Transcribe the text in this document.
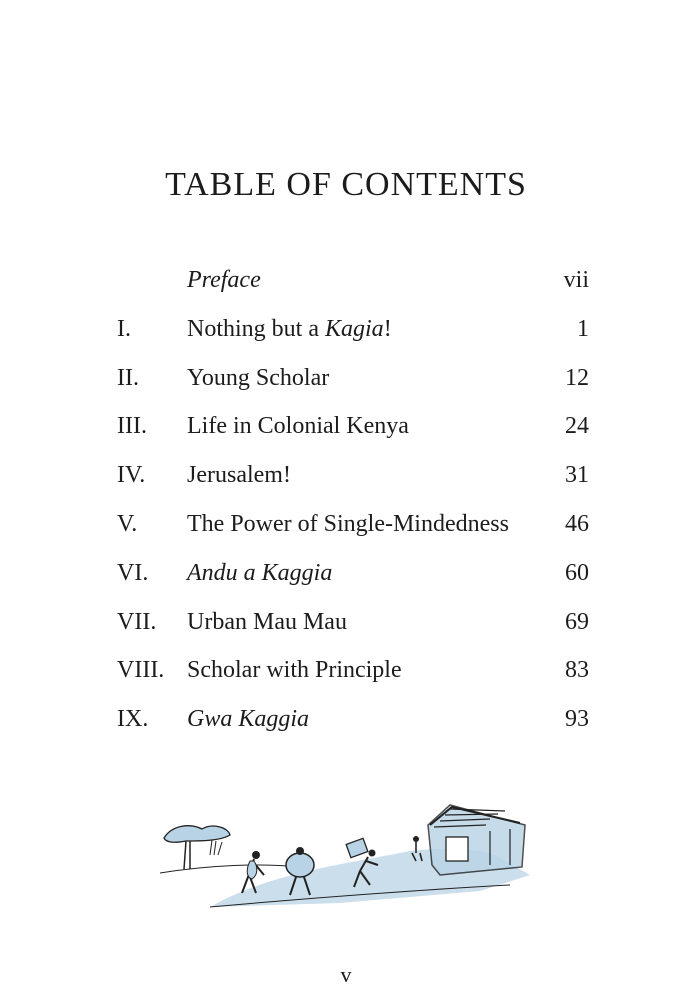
TABLE OF CONTENTS
Preface	vii
I. Nothing but a Kagia!	1
II. Young Scholar	12
III. Life in Colonial Kenya	24
IV. Jerusalem!	31
V. The Power of Single-Mindedness 46
VI. Andu a Kaggia	60
VII. Urban Mau Mau	69
VIII. Scholar with Principle	83
IX. Gwa Kaggia	93
v
